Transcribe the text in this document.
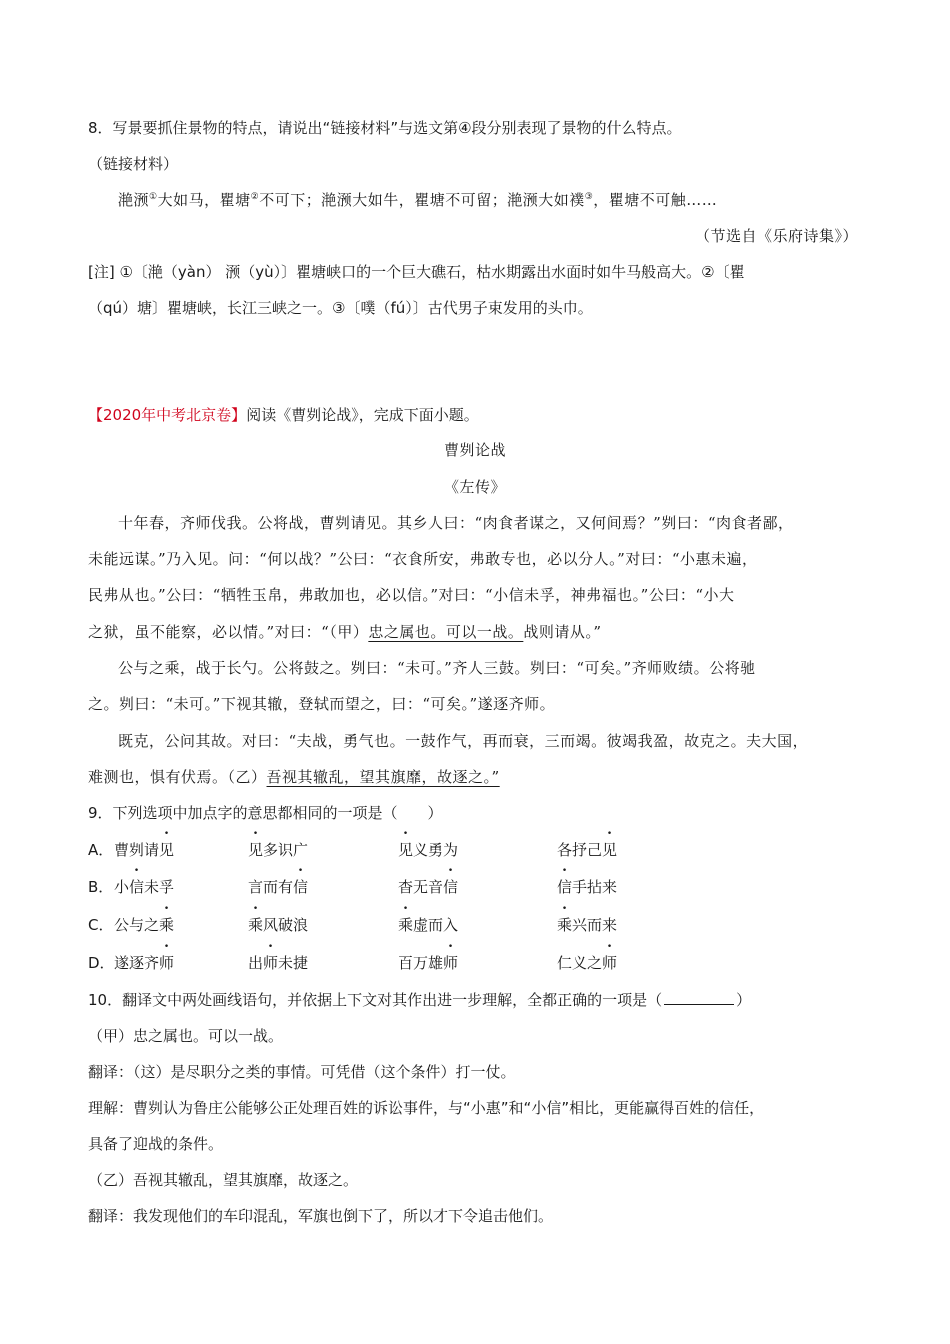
8．写景要抓住景物的特点，请说出“链接材料”与选文第④段分别表现了景物的什么特点。
（链接材料）
滟滪①大如马，瞿塘②不可下；滟滪大如牛，瞿塘不可留；滟滪大如襆③，瞿塘不可触……
（节选自《乐府诗集》）
[注] ①〔滟（yàn） 滪（yù）〕瞿塘峡口的一个巨大礁石，枯水期露出水面时如牛马般高大。②〔瞿
（qú）塘〕瞿塘峡，长江三峡之一。③〔噗（fú）〕古代男子束发用的头巾。
【2020年中考北京卷】阅读《曹刿论战》，完成下面小题。
曹刿论战
《左传》
十年春，齐师伐我。公将战，曹刿请见。其乡人曰：“肉食者谋之，又何间焉？”刿曰：“肉食者鄙，
未能远谋。”乃入见。问：“何以战？”公曰：“衣食所安，弗敢专也，必以分人。”对曰：“小惠未遍，
民弗从也。”公曰：“牺牲玉帛，弗敢加也，必以信。”对曰：“小信未孚，神弗福也。”公曰：“小大
之狱，虽不能察，必以情。”对曰：“（甲）忠之属也。可以一战。战则请从。”
公与之乘，战于长勺。公将鼓之。刿曰：“未可。”齐人三鼓。刿曰：“可矣。”齐师败绩。公将驰
之。刿曰：“未可。”下视其辙，登轼而望之，曰：“可矣。”遂逐齐师。
既克，公问其故。对曰：“夫战，勇气也。一鼓作气，再而衰，三而竭。彼竭我盈，故克之。夫大国，
难测也，惧有伏焉。（乙）吾视其辙乱，望其旗靡，故逐之。”
9．下列选项中加点字的意思都相同的一项是（　　）
A． 曹刿请见	见多识广	见义勇为	各抒己见
B． 小信未孚	言而有信	杳无音信	信手拈来
C． 公与之乘	乘风破浪	乘虚而入	乘兴而来
D． 遂逐齐师	出师未捷	百万雄师	仁义之师
10．翻译文中两处画线语句，并依据上下文对其作出进一步理解，全都正确的一项是（	）
（甲）忠之属也。可以一战。
翻译：（这）是尽职分之类的事情。可凭借（这个条件）打一仗。
理解：曹刿认为鲁庄公能够公正处理百姓的诉讼事件，与“小惠”和“小信”相比，更能赢得百姓的信任，
具备了迎战的条件。
（乙）吾视其辙乱，望其旗靡，故逐之。
翻译：我发现他们的车印混乱，军旗也倒下了，所以才下令追击他们。
